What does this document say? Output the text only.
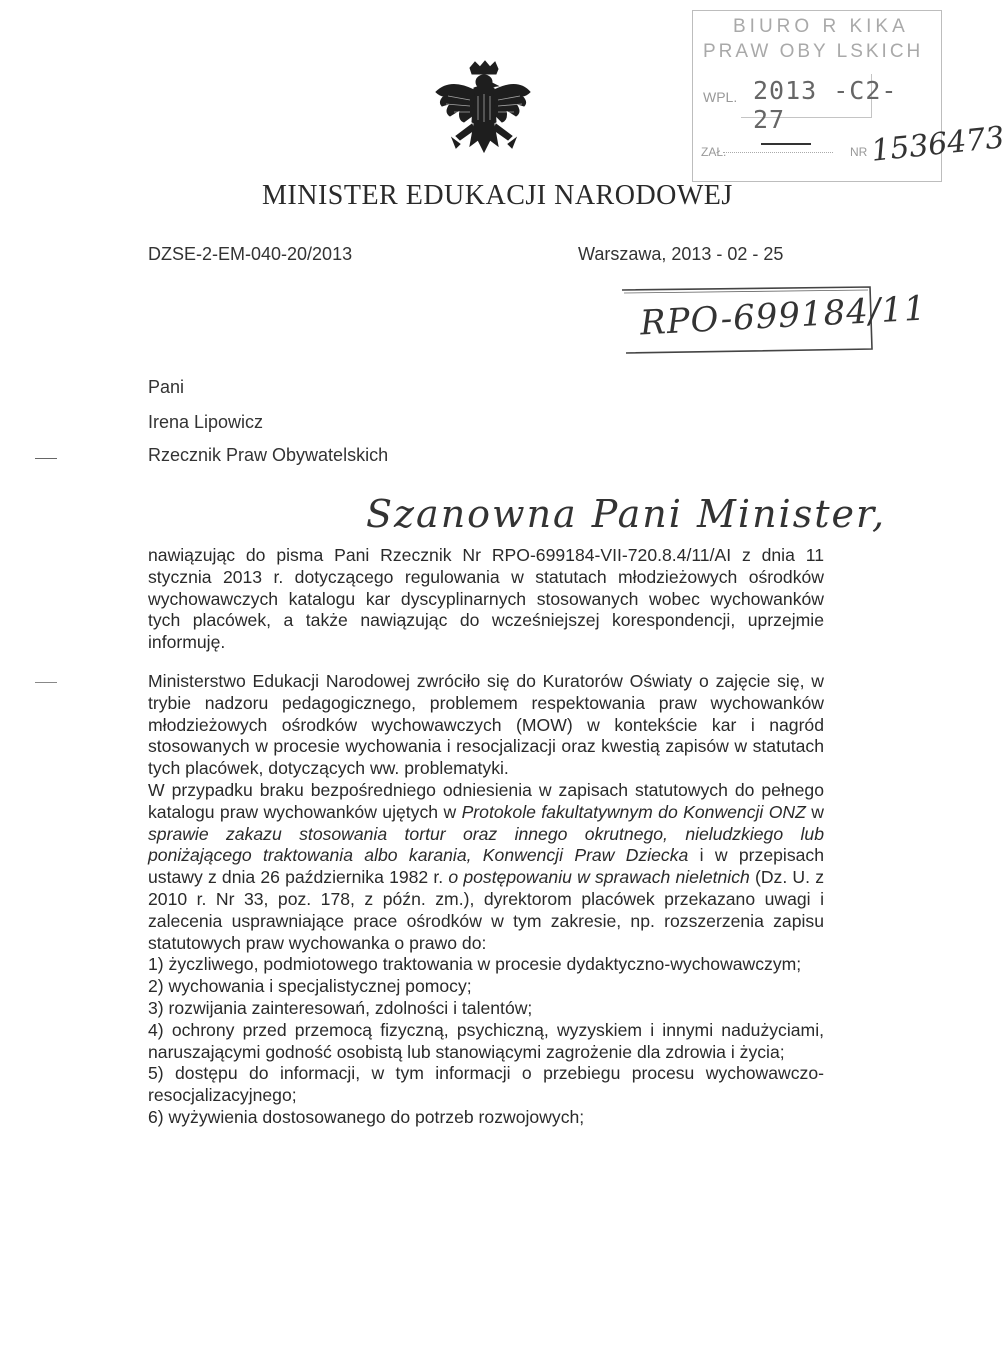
BIURO R KIKA
PRAW OBY LSKICH
WPL. 2013 -C2- 27
ZAŁ.	NR 1536473
MINISTER EDUKACJI NARODOWEJ
DZSE-2-EM-040-20/2013	Warszawa, 2013 - 02 - 25
RPO-699184/11
Pani
Irena Lipowicz
Rzecznik Praw Obywatelskich
Szanowna Pani Minister,

nawiązując do pisma Pani Rzecznik Nr RPO-699184-VII-720.8.4/11/AI z dnia 11 stycznia 2013 r. dotyczącego regulowania w statutach młodzieżowych ośrodków wychowawczych katalogu kar dyscyplinarnych stosowanych wobec wychowanków tych placówek, a także nawiązując do wcześniejszej korespondencji, uprzejmie informuję.

Ministerstwo Edukacji Narodowej zwróciło się do Kuratorów Oświaty o zajęcie się, w trybie nadzoru pedagogicznego, problemem respektowania praw wychowanków młodzieżowych ośrodków wychowawczych (MOW) w kontekście kar i nagród stosowanych w procesie wychowania i resocjalizacji oraz kwestią zapisów w statutach tych placówek, dotyczących ww. problematyki.

W przypadku braku bezpośredniego odniesienia w zapisach statutowych do pełnego katalogu praw wychowanków ujętych w Protokole fakultatywnym do Konwencji ONZ w sprawie zakazu stosowania tortur oraz innego okrutnego, nieludzkiego lub poniżającego traktowania albo karania, Konwencji Praw Dziecka i w przepisach ustawy z dnia 26 października 1982 r. o postępowaniu w sprawach nieletnich (Dz. U. z 2010 r. Nr 33, poz. 178, z późn. zm.), dyrektorom placówek przekazano uwagi i zalecenia usprawniające prace ośrodków w tym zakresie, np. rozszerzenia zapisu statutowych praw wychowanka o prawo do:

1) życzliwego, podmiotowego traktowania w procesie dydaktyczno-wychowawczym;
2) wychowania i specjalistycznej pomocy;
3) rozwijania zainteresowań, zdolności i talentów;
4) ochrony przed przemocą fizyczną, psychiczną, wyzyskiem i innymi nadużyciami, naruszającymi godność osobistą lub stanowiącymi zagrożenie dla zdrowia i życia;
5) dostępu do informacji, w tym informacji o przebiegu procesu wychowawczo-resocjalizacyjnego;
6) wyżywienia dostosowanego do potrzeb rozwojowych;
